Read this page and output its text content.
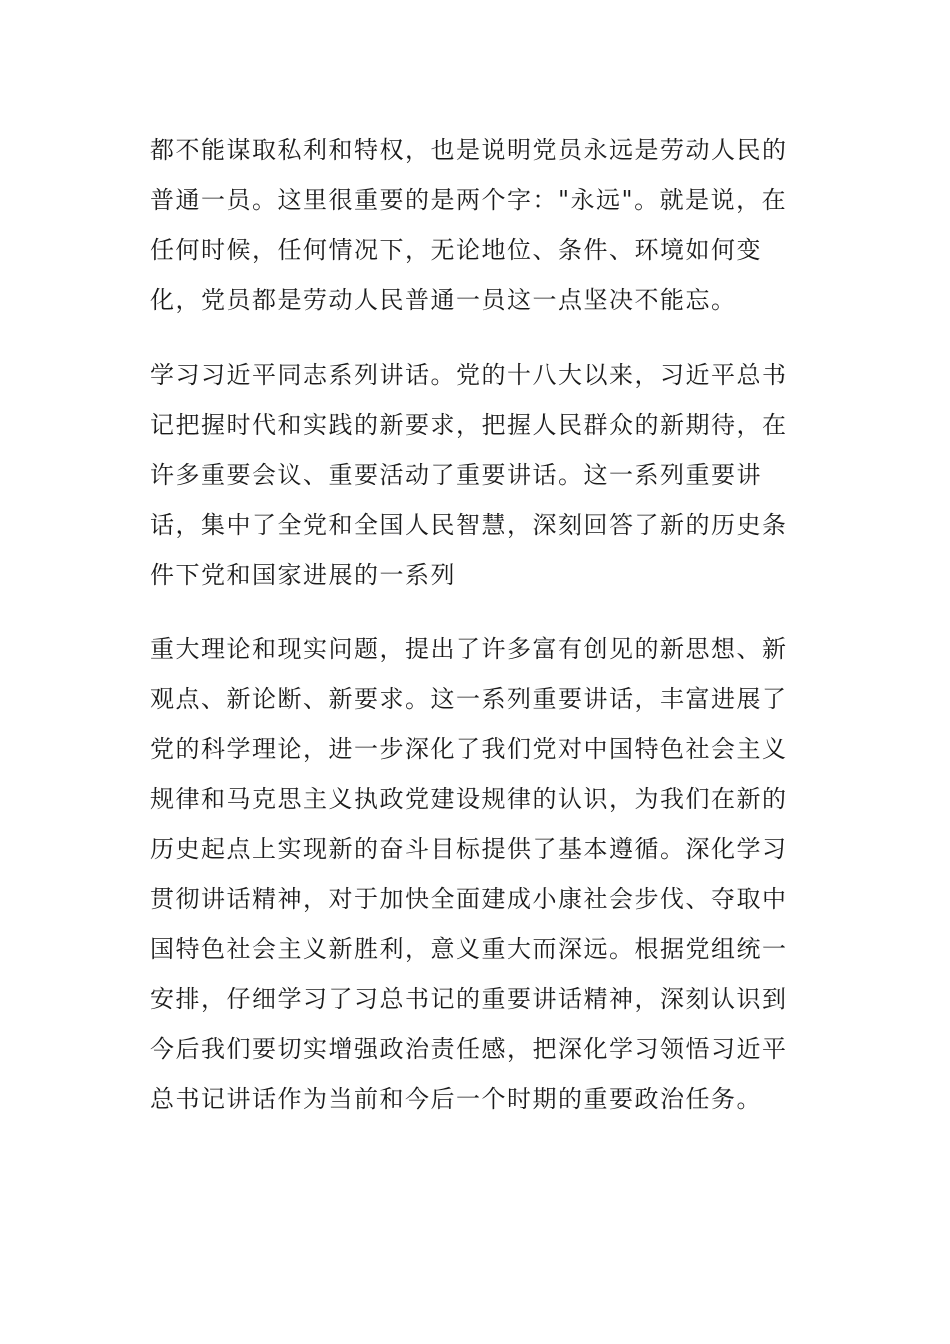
都不能谋取私利和特权，也是说明党员永远是劳动人民的
普通一员。这里很重要的是两个字："永远"。就是说，在
任何时候，任何情况下，无论地位、条件、环境如何变
化，党员都是劳动人民普通一员这一点坚决不能忘。

学习习近平同志系列讲话。党的十八大以来，习近平总书
记把握时代和实践的新要求，把握人民群众的新期待，在
许多重要会议、重要活动了重要讲话。这一系列重要讲
话，集中了全党和全国人民智慧，深刻回答了新的历史条
件下党和国家进展的一系列

重大理论和现实问题，提出了许多富有创见的新思想、新
观点、新论断、新要求。这一系列重要讲话，丰富进展了
党的科学理论，进一步深化了我们党对中国特色社会主义
规律和马克思主义执政党建设规律的认识，为我们在新的
历史起点上实现新的奋斗目标提供了基本遵循。深化学习
贯彻讲话精神，对于加快全面建成小康社会步伐、夺取中
国特色社会主义新胜利，意义重大而深远。根据党组统一
安排，仔细学习了习总书记的重要讲话精神，深刻认识到
今后我们要切实增强政治责任感，把深化学习领悟习近平
总书记讲话作为当前和今后一个时期的重要政治任务。
